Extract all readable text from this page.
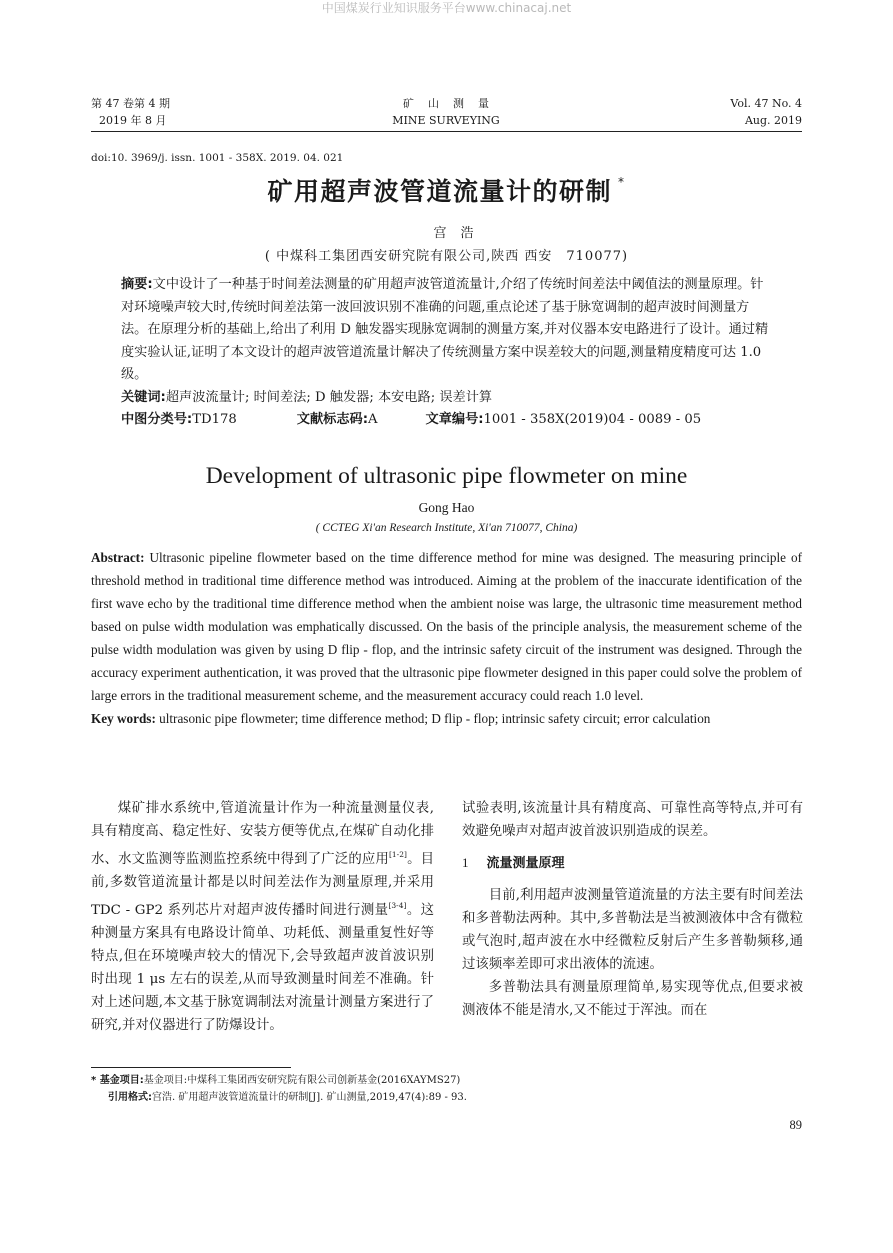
中国煤炭行业知识服务平台www.chinacaj.net
第 47 卷第 4 期
2019 年 8 月
矿山测量
MINE SURVEYING
Vol. 47 No. 4
Aug. 2019
doi:10. 3969/j. issn. 1001 - 358X. 2019. 04. 021
矿用超声波管道流量计的研制 *
宫浩
( 中煤科工集团西安研究院有限公司,陕西 西安　710077)

摘要:文中设计了一种基于时间差法测量的矿用超声波管道流量计,介绍了传统时间差法中阈值法的测量原理。针对环境噪声较大时,传统时间差法第一波回波识别不准确的问题,重点论述了基于脉宽调制的超声波时间测量方法。在原理分析的基础上,给出了利用 D 触发器实现脉宽调制的测量方案,并对仪器本安电路进行了设计。通过精度实验认证,证明了本文设计的超声波管道流量计解决了传统测量方案中误差较大的问题,测量精度精度可达 1.0 级。

关键词:超声波流量计; 时间差法; D 触发器; 本安电路; 误差计算

中图分类号:TD178	文献标志码:A	文章编号:1001 - 358X(2019)04 - 0089 - 05

Development of ultrasonic pipe flowmeter on mine
Gong Hao
( CCTEG Xi'an Research Institute, Xi'an 710077, China)

Abstract: Ultrasonic pipeline flowmeter based on the time difference method for mine was designed. The measuring principle of threshold method in traditional time difference method was introduced. Aiming at the problem of the inaccurate identification of the first wave echo by the traditional time difference method when the ambient noise was large, the ultrasonic time measurement method based on pulse width modulation was emphatically discussed. On the basis of the principle analysis, the measurement scheme of the pulse width modulation was given by using D flip - flop, and the intrinsic safety circuit of the instrument was designed. Through the accuracy experiment authentication, it was proved that the ultrasonic pipe flowmeter designed in this paper could solve the problem of large errors in the traditional measurement scheme, and the measurement accuracy could reach 1.0 level.

Key words: ultrasonic pipe flowmeter; time difference method; D flip - flop; intrinsic safety circuit; error calculation

煤矿排水系统中,管道流量计作为一种流量测量仪表,具有精度高、稳定性好、安装方便等优点,在煤矿自动化排水、水文监测等监测监控系统中得到了广泛的应用[1-2]。目前,多数管道流量计都是以时间差法作为测量原理,并采用 TDC - GP2 系列芯片对超声波传播时间进行测量[3-4]。这种测量方案具有电路设计简单、功耗低、测量重复性好等特点,但在环境噪声较大的情况下,会导致超声波首波识别时出现 1 μs 左右的误差,从而导致测量时间差不准确。针对上述问题,本文基于脉宽调制法对流量计测量方案进行了研究,并对仪器进行了防爆设计。

试验表明,该流量计具有精度高、可靠性高等特点,并可有效避免噪声对超声波首波识别造成的误差。

1 流量测量原理

目前,利用超声波测量管道流量的方法主要有时间差法和多普勒法两种。其中,多普勒法是当被测液体中含有微粒或气泡时,超声波在水中经微粒反射后产生多普勒频移,通过该频率差即可求出液体的流速。

多普勒法具有测量原理简单,易实现等优点,但要求被测液体不能是清水,又不能过于浑浊。而在

* 基金项目:基金项目:中煤科工集团西安研究院有限公司创新基金(2016XAYMS27)

引用格式:宫浩. 矿用超声波管道流量计的研制[J]. 矿山测量,2019,47(4):89 - 93.

89
